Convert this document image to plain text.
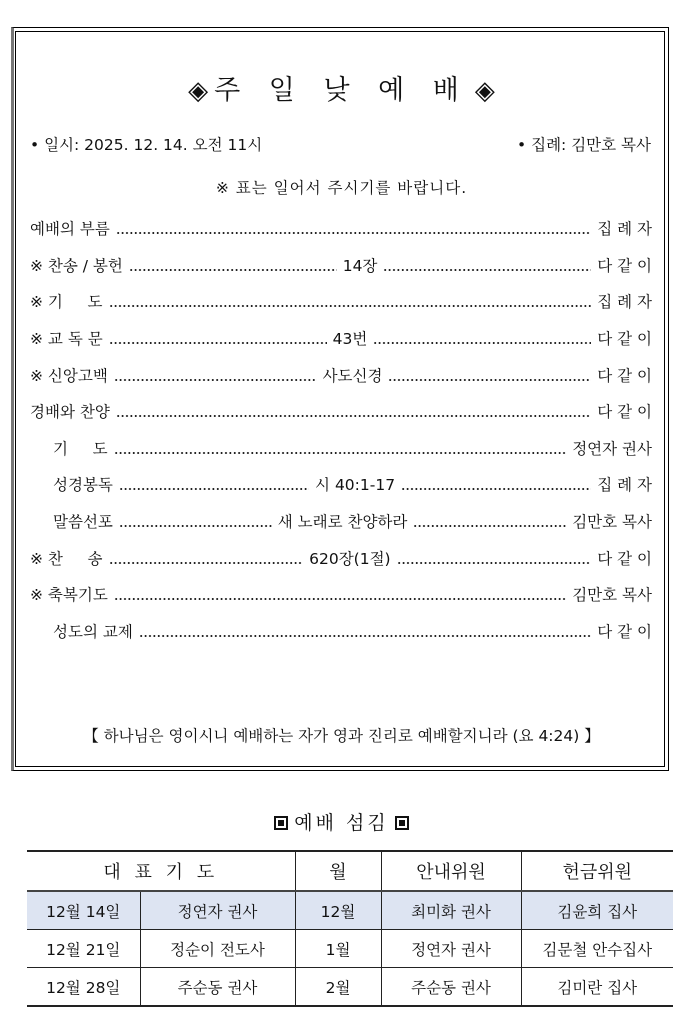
◈ 주 일 낮 예 배 ◈
• 일시: 2025. 12. 14. 오전 11시	• 집례: 김만호 목사
※ 표는 일어서 주시기를 바랍니다.
예배의 부름	집 례 자
※ 찬송 / 봉헌	14장	다 같 이
※ 기     도	집 례 자
※ 교 독 문	43번	다 같 이
※ 신앙고백	사도신경	다 같 이
경배와 찬양	다 같 이
기     도	정연자 권사
성경봉독	시 40:1-17	집 례 자
말씀선포	새 노래로 찬양하라	김만호 목사
※ 찬     송	620장(1절)	다 같 이
※ 축복기도	김만호 목사
성도의 교제	다 같 이
【 하나님은 영이시니 예배하는 자가 영과 진리로 예배할지니라 (요 4:24) 】
예배 섬김
대 표 기 도		월	안내위원	헌금위원
12월 14일	정연자 권사	12월	최미화 권사	김윤희 집사
12월 21일	정순이 전도사	1월	정연자 권사	김문철 안수집사
12월 28일	주순동 권사	2월	주순동 권사	김미란 집사
